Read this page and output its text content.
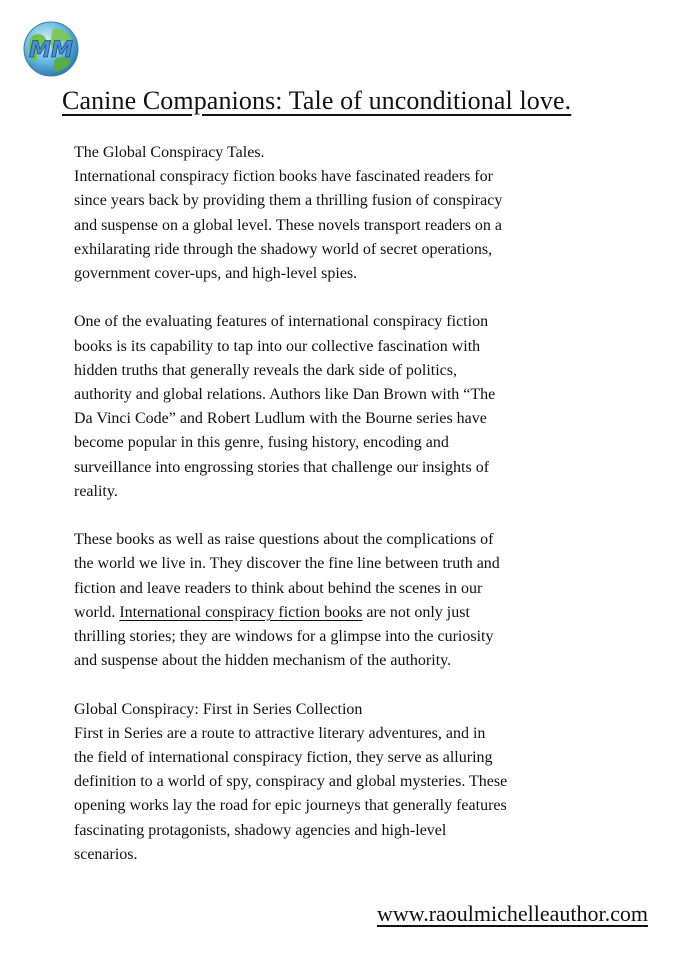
MM
Canine Companions: Tale of unconditional love.
The Global Conspiracy Tales.
International conspiracy fiction books have fascinated readers for
since years back by providing them a thrilling fusion of conspiracy
and suspense on a global level. These novels transport readers on a
exhilarating ride through the shadowy world of secret operations,
government cover-ups, and high-level spies.
One of the evaluating features of international conspiracy fiction
books is its capability to tap into our collective fascination with
hidden truths that generally reveals the dark side of politics,
authority and global relations. Authors like Dan Brown with “The
Da Vinci Code” and Robert Ludlum with the Bourne series have
become popular in this genre, fusing history, encoding and
surveillance into engrossing stories that challenge our insights of
reality.
These books as well as raise questions about the complications of
the world we live in. They discover the fine line between truth and
fiction and leave readers to think about behind the scenes in our
world. International conspiracy fiction books are not only just
thrilling stories; they are windows for a glimpse into the curiosity
and suspense about the hidden mechanism of the authority.
Global Conspiracy: First in Series Collection
First in Series are a route to attractive literary adventures, and in
the field of international conspiracy fiction, they serve as alluring
definition to a world of spy, conspiracy and global mysteries. These
opening works lay the road for epic journeys that generally features
fascinating protagonists, shadowy agencies and high-level
scenarios.
www.raoulmichelleauthor.com
